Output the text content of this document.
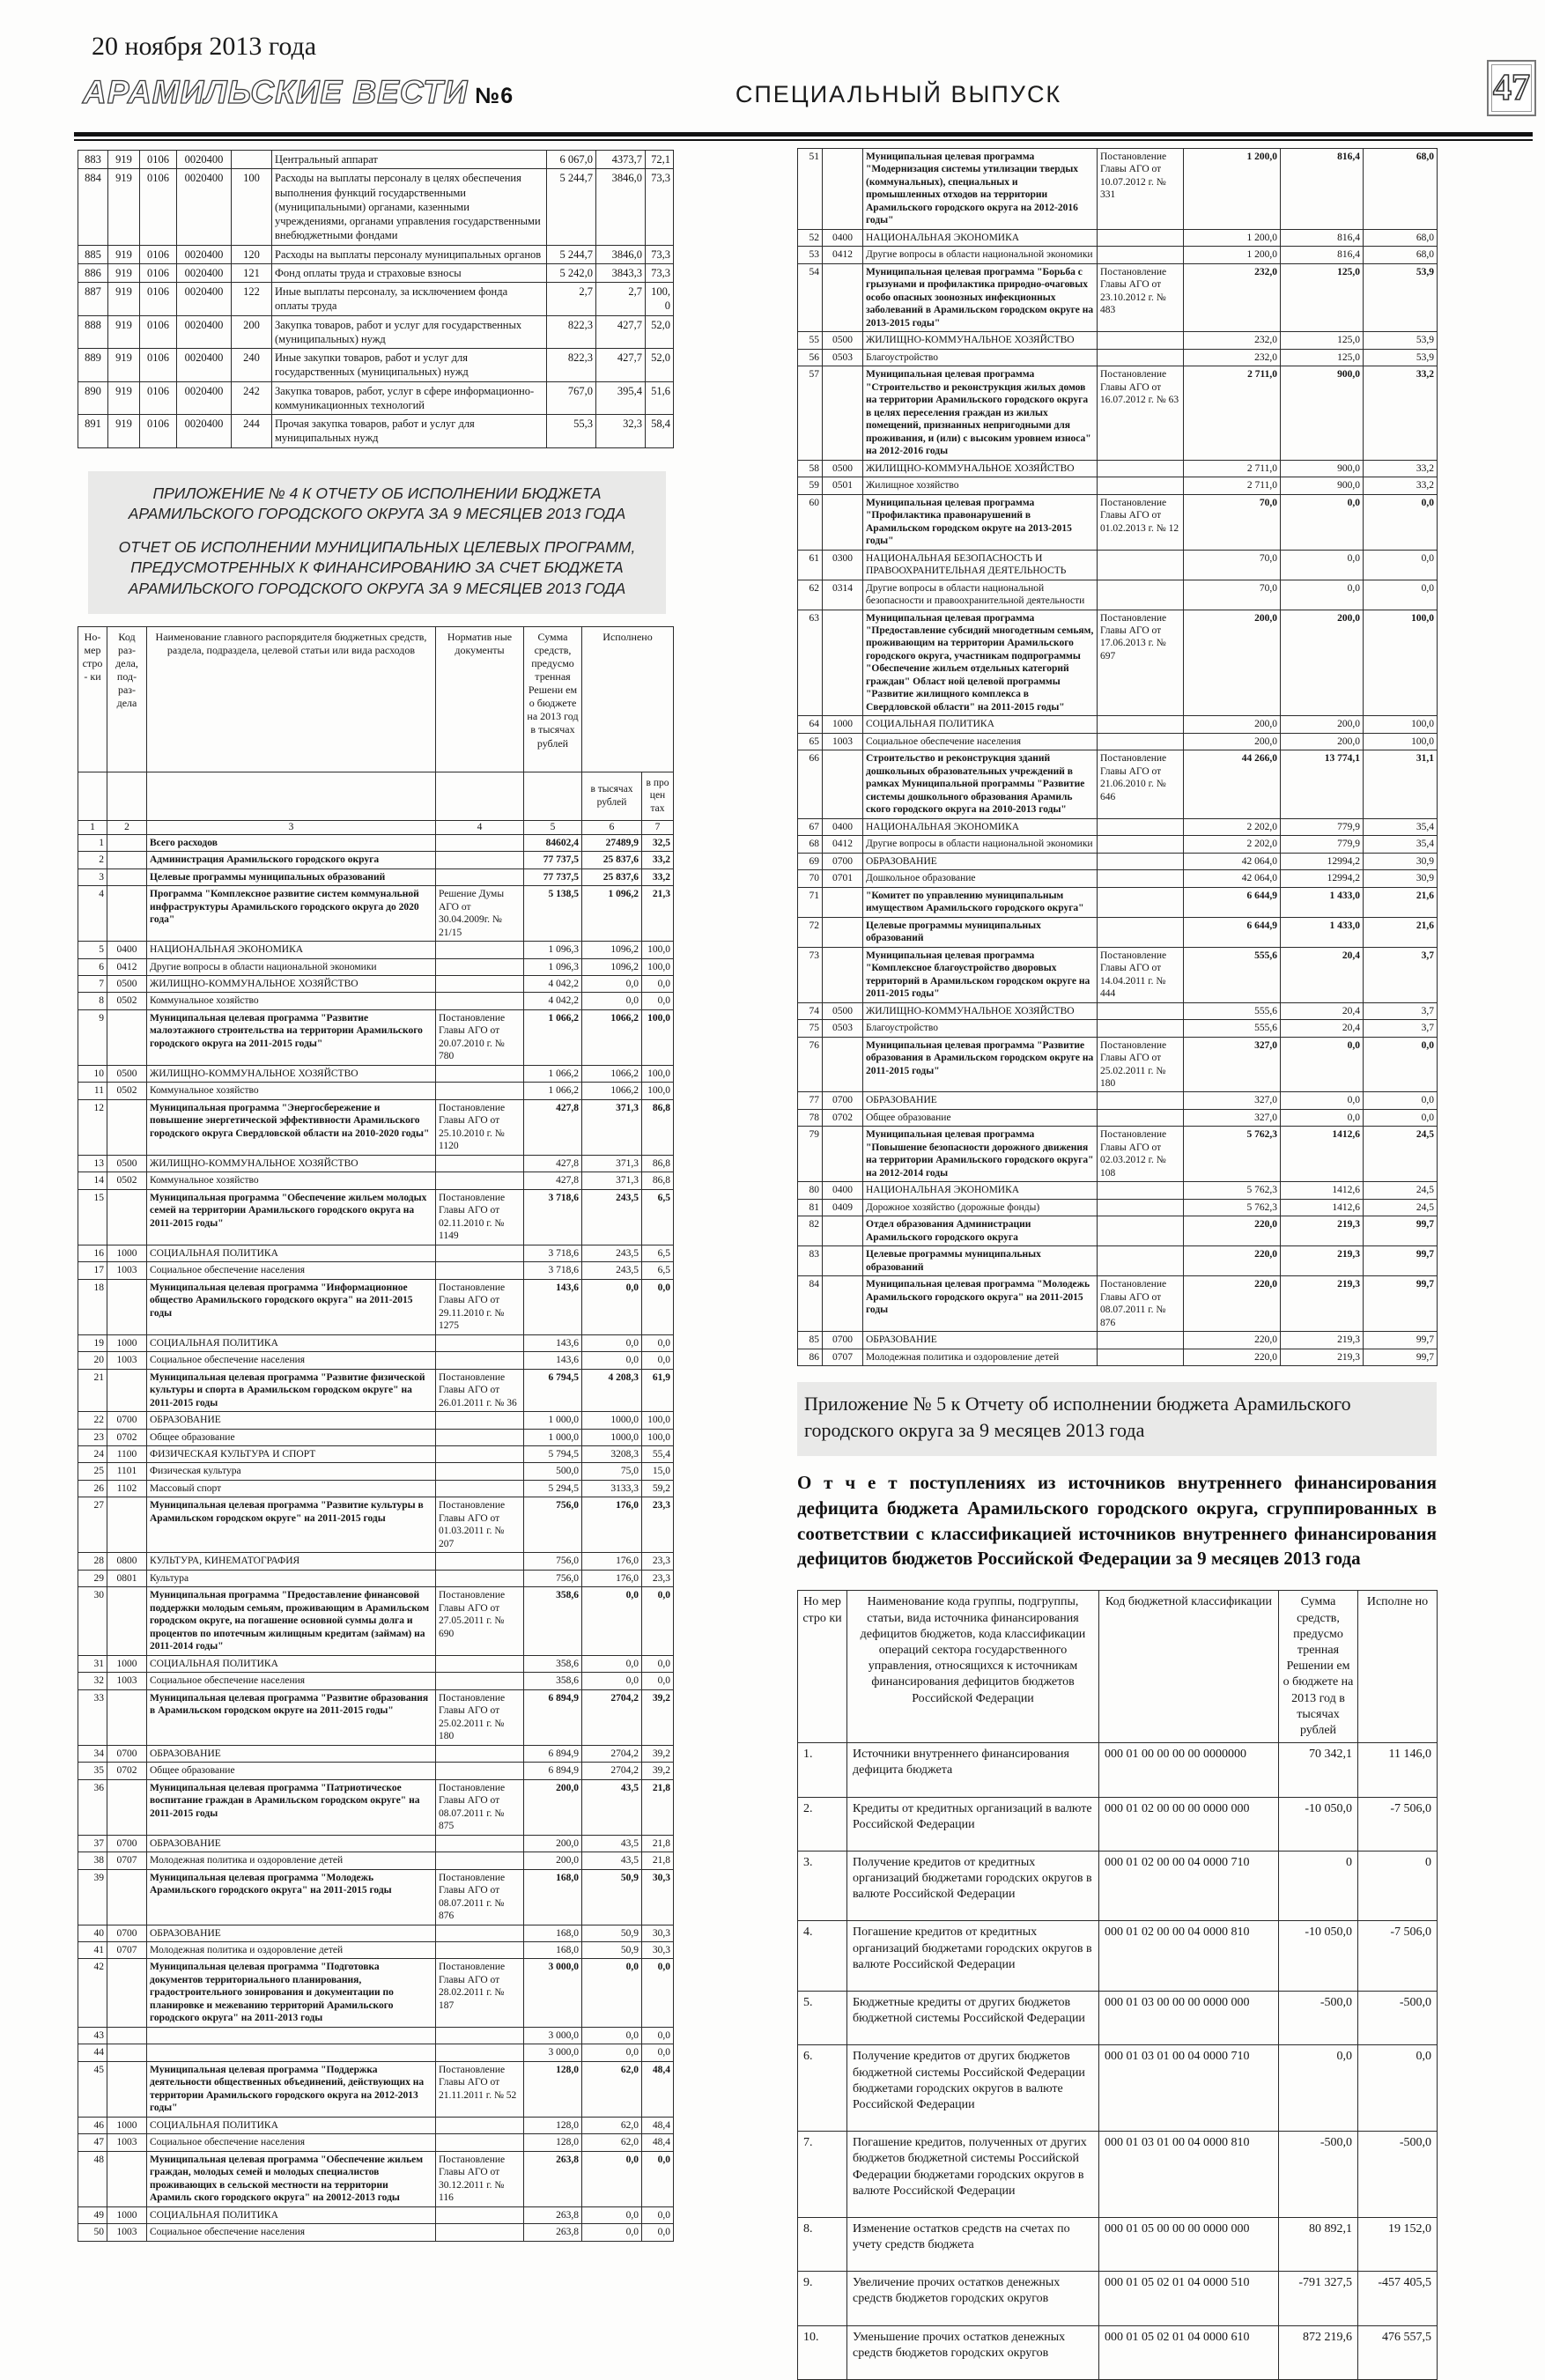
20 ноября 2013 года
АРАМИЛЬСКИЕ ВЕСТИ №6	СПЕЦИАЛЬНЫЙ ВЫПУСК	47
883	919	0106	0020400		Центральный аппарат	6 067,0	4373,7	72,1
884	919	0106	0020400	100	Расходы на выплаты персоналу в целях обеспечения выполнения функций государственными (муниципальными) органами, казенными учреждениями, органами управления государственными внебюджетными фондами	5 244,7	3846,0	73,3
885	919	0106	0020400	120	Расходы на выплаты персоналу муниципальных органов	5 244,7	3846,0	73,3
886	919	0106	0020400	121	Фонд оплаты труда и страховые взносы	5 242,0	3843,3	73,3
887	919	0106	0020400	122	Иные выплаты персоналу, за исключением фонда оплаты труда	2,7	2,7	100,0
888	919	0106	0020400	200	Закупка товаров, работ и услуг для государственных (муниципальных) нужд	822,3	427,7	52,0
889	919	0106	0020400	240	Иные закупки товаров, работ и услуг для государственных (муниципальных) нужд	822,3	427,7	52,0
890	919	0106	0020400	242	Закупка товаров, работ, услуг в сфере информационно-коммуникационных технологий	767,0	395,4	51,6
891	919	0106	0020400	244	Прочая закупка товаров, работ и услуг для муниципальных нужд	55,3	32,3	58,4

ПРИЛОЖЕНИЕ № 4 К ОТЧЕТУ ОБ ИСПОЛНЕНИИ БЮДЖЕТА АРАМИЛЬСКОГО ГОРОДСКОГО ОКРУГА ЗА 9 МЕСЯЦЕВ 2013 ГОДА

ОТЧЕТ ОБ ИСПОЛНЕНИИ МУНИЦИПАЛЬНЫХ ЦЕЛЕВЫХ ПРОГРАММ, ПРЕДУСМОТРЕННЫХ К ФИНАНСИРОВАНИЮ ЗА СЧЕТ БЮДЖЕТА АРАМИЛЬСКОГО ГОРОДСКОГО ОКРУГА ЗА 9 МЕСЯЦЕВ 2013 ГОДА

Но- мер стро- ки	Код раз- дела, под- раз- дела	Наименование главного распорядителя бюджетных средств, раздела, подраздела, целевой статьи или вида расходов	Норматив ные документы	Сумма средств, предусмо тренная Решени ем о бюджете на 2013 год в тысячах рублей	Исполнено	
					в тысячах рублей	в про цен тах
1	2	3	4	5	6	7
1		Всего расходов		84602,4	27489,9	32,5
2		Администрация Арамильского городского округа		77 737,5	25 837,6	33,2
3		Целевые программы муниципальных образований		77 737,5	25 837,6	33,2
4		Программа "Комплексное развитие систем коммунальной инфраструктуры Арамильского городского округа до 2020 года"	Решение Думы АГО от 30.04.2009г. № 21/15	5 138,5	1 096,2	21,3
5	0400	НАЦИОНАЛЬНАЯ ЭКОНОМИКА		1 096,3	1096,2	100,0
6	0412	Другие вопросы в области национальной экономики		1 096,3	1096,2	100,0
7	0500	ЖИЛИЩНО-КОММУНАЛЬНОЕ ХОЗЯЙСТВО		4 042,2	0,0	0,0
8	0502	Коммунальное хозяйство		4 042,2	0,0	0,0
9		Муниципальная целевая программа "Развитие малоэтажного строительства на территории Арамильского городского округа на 2011-2015 годы"	Постановление Главы АГО от 20.07.2010 г. № 780	1 066,2	1066,2	100,0
10	0500	ЖИЛИЩНО-КОММУНАЛЬНОЕ ХОЗЯЙСТВО		1 066,2	1066,2	100,0
11	0502	Коммунальное хозяйство		1 066,2	1066,2	100,0
12		Муниципальная программа "Энергосбережение и повышение энергетической эффективности Арамильского городского округа Свердловской области на 2010-2020 годы"	Постановление Главы АГО от 25.10.2010 г. № 1120	427,8	371,3	86,8
13	0500	ЖИЛИЩНО-КОММУНАЛЬНОЕ ХОЗЯЙСТВО		427,8	371,3	86,8
14	0502	Коммунальное хозяйство		427,8	371,3	86,8
15		Муниципальная программа "Обеспечение жильем молодых семей на территории Арамильского городского округа на 2011-2015 годы"	Постановление Главы АГО от 02.11.2010 г. № 1149	3 718,6	243,5	6,5
16	1000	СОЦИАЛЬНАЯ ПОЛИТИКА		3 718,6	243,5	6,5
17	1003	Социальное обеспечение населения		3 718,6	243,5	6,5
18		Муниципальная целевая программа "Информационное общество Арамильского городского округа" на 2011-2015 годы	Постановление Главы АГО от 29.11.2010 г. № 1275	143,6	0,0	0,0
19	1000	СОЦИАЛЬНАЯ ПОЛИТИКА		143,6	0,0	0,0
20	1003	Социальное обеспечение населения		143,6	0,0	0,0
21		Муниципальная целевая программа "Развитие физической культуры и спорта в Арамильском городском округе" на 2011-2015 годы	Постановление Главы АГО от 26.01.2011 г. № 36	6 794,5	4 208,3	61,9
22	0700	ОБРАЗОВАНИЕ		1 000,0	1000,0	100,0
23	0702	Общее образование		1 000,0	1000,0	100,0
24	1100	ФИЗИЧЕСКАЯ КУЛЬТУРА И СПОРТ		5 794,5	3208,3	55,4
25	1101	Физическая культура		500,0	75,0	15,0
26	1102	Массовый спорт		5 294,5	3133,3	59,2
27		Муниципальная целевая программа "Развитие культуры в Арамильском городском округе" на 2011-2015 годы	Постановление Главы АГО от 01.03.2011 г. № 207	756,0	176,0	23,3
28	0800	КУЛЬТУРА, КИНЕМАТОГРАФИЯ		756,0	176,0	23,3
29	0801	Культура		756,0	176,0	23,3
30		Муниципальная программа "Предоставление финансовой поддержки молодым семьям, проживающим в Арамильском городском округе, на погашение основной суммы долга и процентов по ипотечным жилищным кредитам (займам) на 2011-2014 годы"	Постановление Главы АГО от 27.05.2011 г. № 690	358,6	0,0	0,0
31	1000	СОЦИАЛЬНАЯ ПОЛИТИКА		358,6	0,0	0,0
32	1003	Социальное обеспечение населения		358,6	0,0	0,0
33		Муниципальная целевая программа "Развитие образования в Арамильском городском округе на 2011-2015 годы"	Постановление Главы АГО от 25.02.2011 г. № 180	6 894,9	2704,2	39,2
34	0700	ОБРАЗОВАНИЕ		6 894,9	2704,2	39,2
35	0702	Общее образование		6 894,9	2704,2	39,2
36		Муниципальная целевая программа "Патриотическое воспитание граждан в Арамильском городском округе" на 2011-2015 годы	Постановление Главы АГО от 08.07.2011 г. № 875	200,0	43,5	21,8
37	0700	ОБРАЗОВАНИЕ		200,0	43,5	21,8
38	0707	Молодежная политика и оздоровление детей		200,0	43,5	21,8
39		Муниципальная целевая программа "Молодежь Арамильского городского округа" на 2011-2015 годы	Постановление Главы АГО от 08.07.2011 г. № 876	168,0	50,9	30,3
40	0700	ОБРАЗОВАНИЕ		168,0	50,9	30,3
41	0707	Молодежная политика и оздоровление детей		168,0	50,9	30,3
42		Муниципальная целевая программа "Подготовка документов территориального планирования, градостроительного зонирования и документации по планировке и межеванию территорий Арамильского городского округа" на 2011-2013 годы	Постановление Главы АГО от 28.02.2011 г. № 187	3 000,0	0,0	0,0
43				3 000,0	0,0	0,0
44				3 000,0	0,0	0,0
45		Муниципальная целевая программа "Поддержка деятельности общественных объединений, действующих на территории Арамильского городского округа на 2012-2013 годы"	Постановление Главы АГО от 21.11.2011 г. № 52	128,0	62,0	48,4
46	1000	СОЦИАЛЬНАЯ ПОЛИТИКА		128,0	62,0	48,4
47	1003	Социальное обеспечение населения		128,0	62,0	48,4
48		Муниципальная целевая программа "Обеспечение жильем граждан, молодых семей и молодых специалистов проживающих в сельской местности на территории Арамиль ского городского округа" на 20012-2013 годы	Постановление Главы АГО от 30.12.2011 г. № 116	263,8	0,0	0,0
49	1000	СОЦИАЛЬНАЯ ПОЛИТИКА		263,8	0,0	0,0
50	1003	Социальное обеспечение населения		263,8	0,0	0,0
51		Муниципальная целевая программа "Модернизация системы утилизации твердых (коммунальных), специальных и промышленных отходов на территории Арамильского городского округа на 2012-2016 годы"	Постановление Главы АГО от 10.07.2012 г. № 331	1 200,0	816,4	68,0
52	0400	НАЦИОНАЛЬНАЯ ЭКОНОМИКА		1 200,0	816,4	68,0
53	0412	Другие вопросы в области национальной экономики		1 200,0	816,4	68,0
54		Муниципальная целевая программа "Борьба с грызунами и профилактика природно-очаговых особо опасных зоонозных инфекционных заболеваний в Арамильском городском округе на 2013-2015 годы"	Постановление Главы АГО от 23.10.2012 г. № 483	232,0	125,0	53,9
55	0500	ЖИЛИЩНО-КОММУНАЛЬНОЕ ХОЗЯЙСТВО		232,0	125,0	53,9
56	0503	Благоустройство		232,0	125,0	53,9
57		Муниципальная целевая программа "Строительство и реконструкция жилых домов на территории Арамильского городского округа в целях переселения граждан из жилых помещений, признанных непригодными для проживания, и (или) с высоким уровнем износа" на 2012-2016 годы	Постановление Главы АГО от 16.07.2012 г. № 63	2 711,0	900,0	33,2
58	0500	ЖИЛИЩНО-КОММУНАЛЬНОЕ ХОЗЯЙСТВО		2 711,0	900,0	33,2
59	0501	Жилищное хозяйство		2 711,0	900,0	33,2
60		Муниципальная целевая программа "Профилактика правонарушений в Арамильском городском округе на 2013-2015 годы"	Постановление Главы АГО от 01.02.2013 г. № 12	70,0	0,0	0,0
61	0300	НАЦИОНАЛЬНАЯ БЕЗОПАСНОСТЬ И ПРАВООХРАНИТЕЛЬНАЯ ДЕЯТЕЛЬНОСТЬ		70,0	0,0	0,0
62	0314	Другие вопросы в области национальной безопасности и правоохранительной деятельности		70,0	0,0	0,0
63		Муниципальная целевая программа "Предоставление субсидий многодетным семьям, проживающим на территории Арамильского городского округа, участникам подпрограммы "Обеспечение жильем отдельных категорий граждан" Област ной целевой программы "Развитие жилищного комплекса в Свердловской области" на 2011-2015 годы"	Постановление Главы АГО от 17.06.2013 г. № 697	200,0	200,0	100,0
64	1000	СОЦИАЛЬНАЯ ПОЛИТИКА		200,0	200,0	100,0
65	1003	Социальное обеспечение населения		200,0	200,0	100,0
66		Строительство и реконструкция зданий дошкольных образовательных учреждений в рамках Муниципальной программы "Развитие системы дошкольного образования Арамиль ского городского округа на 2010-2013 годы"	Постановление Главы АГО от 21.06.2010 г. № 646	44 266,0	13 774,1	31,1
67	0400	НАЦИОНАЛЬНАЯ ЭКОНОМИКА		2 202,0	779,9	35,4
68	0412	Другие вопросы в области национальной экономики		2 202,0	779,9	35,4
69	0700	ОБРАЗОВАНИЕ		42 064,0	12994,2	30,9
70	0701	Дошкольное образование		42 064,0	12994,2	30,9
71		"Комитет по управлению муниципальным имуществом Арамильского городского округа"		6 644,9	1 433,0	21,6
72		Целевые программы муниципальных образований		6 644,9	1 433,0	21,6
73		Муниципальная целевая программа "Комплексное благоустройство дворовых территорий в Арамильском городском округе на 2011-2015 годы"	Постановление Главы АГО от 14.04.2011 г. № 444	555,6	20,4	3,7
74	0500	ЖИЛИЩНО-КОММУНАЛЬНОЕ ХОЗЯЙСТВО		555,6	20,4	3,7
75	0503	Благоустройство		555,6	20,4	3,7
76		Муниципальная целевая программа "Развитие образования в Арамильском городском округе на 2011-2015 годы"	Постановление Главы АГО от 25.02.2011 г. № 180	327,0	0,0	0,0
77	0700	ОБРАЗОВАНИЕ		327,0	0,0	0,0
78	0702	Общее образование		327,0	0,0	0,0
79		Муниципальная целевая программа "Повышение безопасности дорожного движения на территории Арамильского городского округа" на 2012-2014 годы	Постановление Главы АГО от 02.03.2012 г. № 108	5 762,3	1412,6	24,5
80	0400	НАЦИОНАЛЬНАЯ ЭКОНОМИКА		5 762,3	1412,6	24,5
81	0409	Дорожное хозяйство (дорожные фонды)		5 762,3	1412,6	24,5
82		Отдел образования Администрации Арамильского городского округа		220,0	219,3	99,7
83		Целевые программы муниципальных образований		220,0	219,3	99,7
84		Муниципальная целевая программа "Молодежь Арамильского городского округа" на 2011-2015 годы	Постановление Главы АГО от 08.07.2011 г. № 876	220,0	219,3	99,7
85	0700	ОБРАЗОВАНИЕ		220,0	219,3	99,7
86	0707	Молодежная политика и оздоровление детей		220,0	219,3	99,7
Приложение № 5 к Отчету об исполнении бюджета Арамильского городского округа за 9 месяцев 2013 года

О т ч е т поступлениях из источников внутреннего финансирования дефицита бюджета Арамильского городского округа, сгруппированных в соответствии с классификацией источников внутреннего финансирования дефицитов бюджетов Российской Федерации за 9 месяцев 2013 года

Но мер стро ки	Наименование кода группы, подгруппы, статьи, вида источника финансирования дефицитов бюджетов, кода классификации операций сектора государственного управления, относящихся к источникам финансирования дефицитов бюджетов Российской Федерации	Код бюджетной классификации	Сумма средств, предусмо тренная Решении ем о бюджете на 2013 год в тысячах рублей	Исполне но
1.	Источники внутреннего финансирования дефицита бюджета	000 01 00 00 00 00 0000000	70 342,1	11 146,0
2.	Кредиты от кредитных организаций в валюте Российской Федерации	000 01 02 00 00 00 0000 000	-10 050,0	-7 506,0
3.	Получение кредитов от кредитных организаций бюджетами городских округов в валюте Российской Федерации	000 01 02 00 00 04 0000 710	0	0
4.	Погашение кредитов от кредитных организаций бюджетами городских округов в валюте Российской Федерации	000 01 02 00 00 04 0000 810	-10 050,0	-7 506,0
5.	Бюджетные кредиты от других бюджетов бюджетной системы Российской Федерации	000 01 03 00 00 00 0000 000	-500,0	-500,0
6.	Получение кредитов от других бюджетов бюджетной системы Российской Федерации бюджетами городских округов в валюте Российской Федерации	000 01 03 01 00 04 0000 710	0,0	0,0
7.	Погашение кредитов, полученных от других бюджетов бюджетной системы Российской Федерации бюджетами городских округов в валюте Российской Федерации	000 01 03 01 00 04 0000 810	-500,0	-500,0
8.	Изменение остатков средств на счетах по учету средств бюджета	000 01 05 00 00 00 0000 000	80 892,1	19 152,0
9.	Увеличение прочих остатков денежных средств бюджетов городских округов	000 01 05 02 01 04 0000 510	-791 327,5	-457 405,5
10.	Уменьшение прочих остатков денежных средств бюджетов городских округов	000 01 05 02 01 04 0000 610	872 219,6	476 557,5
